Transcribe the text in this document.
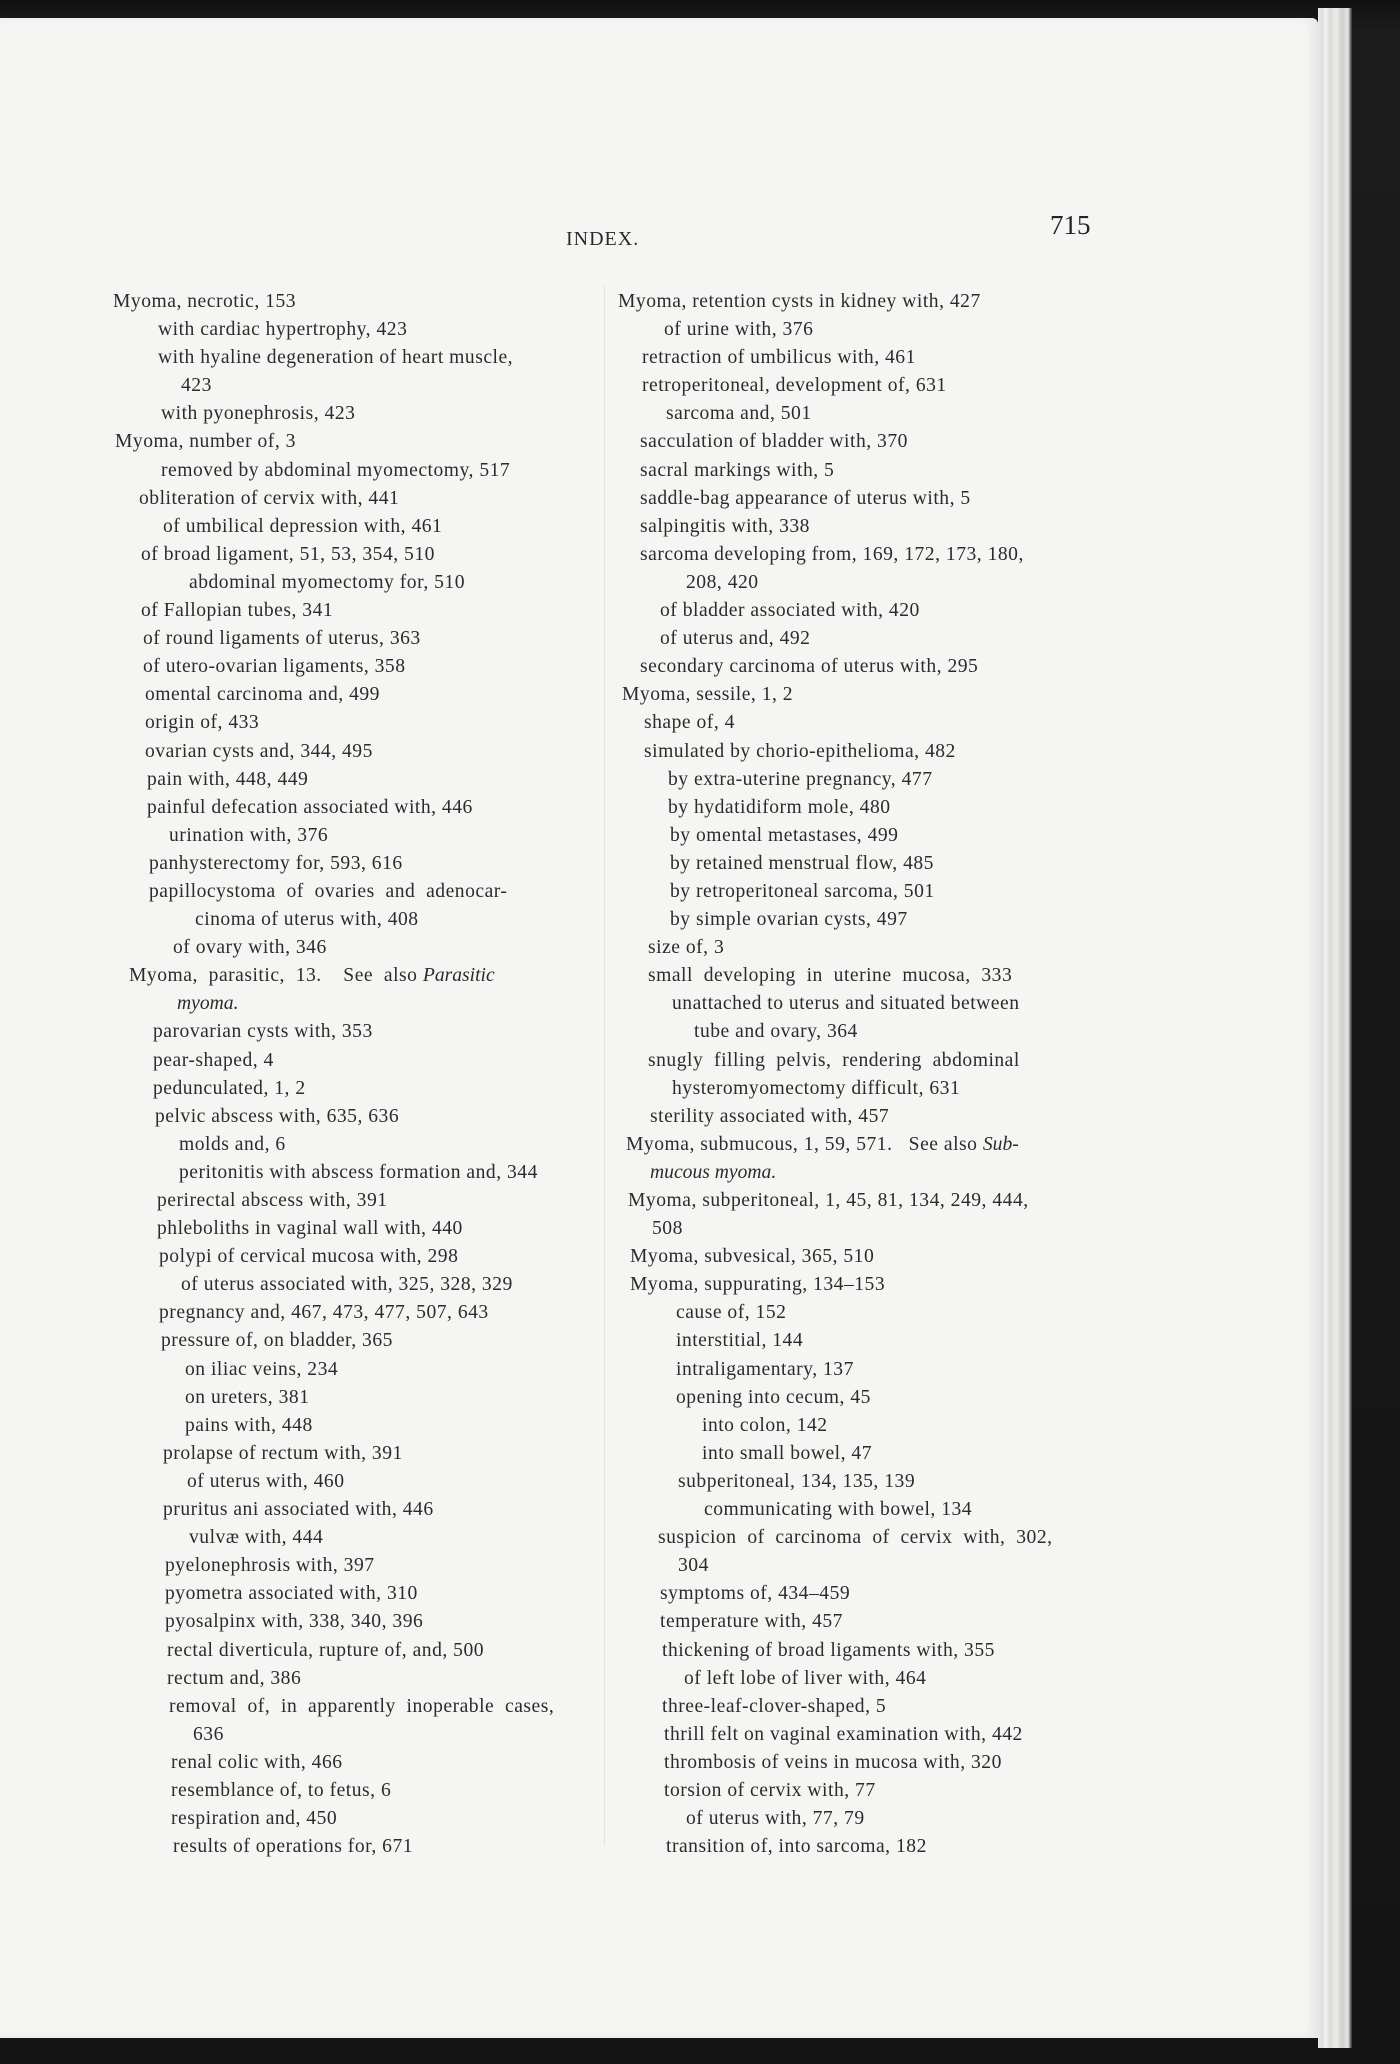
INDEX.	715
Myoma, necrotic, 153
with cardiac hypertrophy, 423
with hyaline degeneration of heart muscle,
423
with pyonephrosis, 423
Myoma, number of, 3
removed by abdominal myomectomy, 517
obliteration of cervix with, 441
of umbilical depression with, 461
of broad ligament, 51, 53, 354, 510
abdominal myomectomy for, 510
of Fallopian tubes, 341
of round ligaments of uterus, 363
of utero-ovarian ligaments, 358
omental carcinoma and, 499
origin of, 433
ovarian cysts and, 344, 495
pain with, 448, 449
painful defecation associated with, 446
urination with, 376
panhysterectomy for, 593, 616
papillocystoma  of  ovaries  and  adenocar-
cinoma of uterus with, 408
of ovary with, 346
Myoma,  parasitic,  13.    See  also Parasitic
myoma.
parovarian cysts with, 353
pear-shaped, 4
pedunculated, 1, 2
pelvic abscess with, 635, 636
molds and, 6
peritonitis with abscess formation and, 344
perirectal abscess with, 391
phleboliths in vaginal wall with, 440
polypi of cervical mucosa with, 298
of uterus associated with, 325, 328, 329
pregnancy and, 467, 473, 477, 507, 643
pressure of, on bladder, 365
on iliac veins, 234
on ureters, 381
pains with, 448
prolapse of rectum with, 391
of uterus with, 460
pruritus ani associated with, 446
vulvæ with, 444
pyelonephrosis with, 397
pyometra associated with, 310
pyosalpinx with, 338, 340, 396
rectal diverticula, rupture of, and, 500
rectum and, 386
removal  of,  in  apparently  inoperable  cases,
636
renal colic with, 466
resemblance of, to fetus, 6
respiration and, 450
results of operations for, 671
Myoma, retention cysts in kidney with, 427
of urine with, 376
retraction of umbilicus with, 461
retroperitoneal, development of, 631
sarcoma and, 501
sacculation of bladder with, 370
sacral markings with, 5
saddle-bag appearance of uterus with, 5
salpingitis with, 338
sarcoma developing from, 169, 172, 173, 180,
208, 420
of bladder associated with, 420
of uterus and, 492
secondary carcinoma of uterus with, 295
Myoma, sessile, 1, 2
shape of, 4
simulated by chorio-epithelioma, 482
by extra-uterine pregnancy, 477
by hydatidiform mole, 480
by omental metastases, 499
by retained menstrual flow, 485
by retroperitoneal sarcoma, 501
by simple ovarian cysts, 497
size of, 3
small  developing  in  uterine  mucosa,  333
unattached to uterus and situated between
tube and ovary, 364
snugly  filling  pelvis,  rendering  abdominal
hysteromyomectomy difficult, 631
sterility associated with, 457
Myoma, submucous, 1, 59, 571.   See also Sub-
mucous myoma.
Myoma, subperitoneal, 1, 45, 81, 134, 249, 444,
508
Myoma, subvesical, 365, 510
Myoma, suppurating, 134–153
cause of, 152
interstitial, 144
intraligamentary, 137
opening into cecum, 45
into colon, 142
into small bowel, 47
subperitoneal, 134, 135, 139
communicating with bowel, 134
suspicion  of  carcinoma  of  cervix  with,  302,
304
symptoms of, 434–459
temperature with, 457
thickening of broad ligaments with, 355
of left lobe of liver with, 464
three-leaf-clover-shaped, 5
thrill felt on vaginal examination with, 442
thrombosis of veins in mucosa with, 320
torsion of cervix with, 77
of uterus with, 77, 79
transition of, into sarcoma, 182
